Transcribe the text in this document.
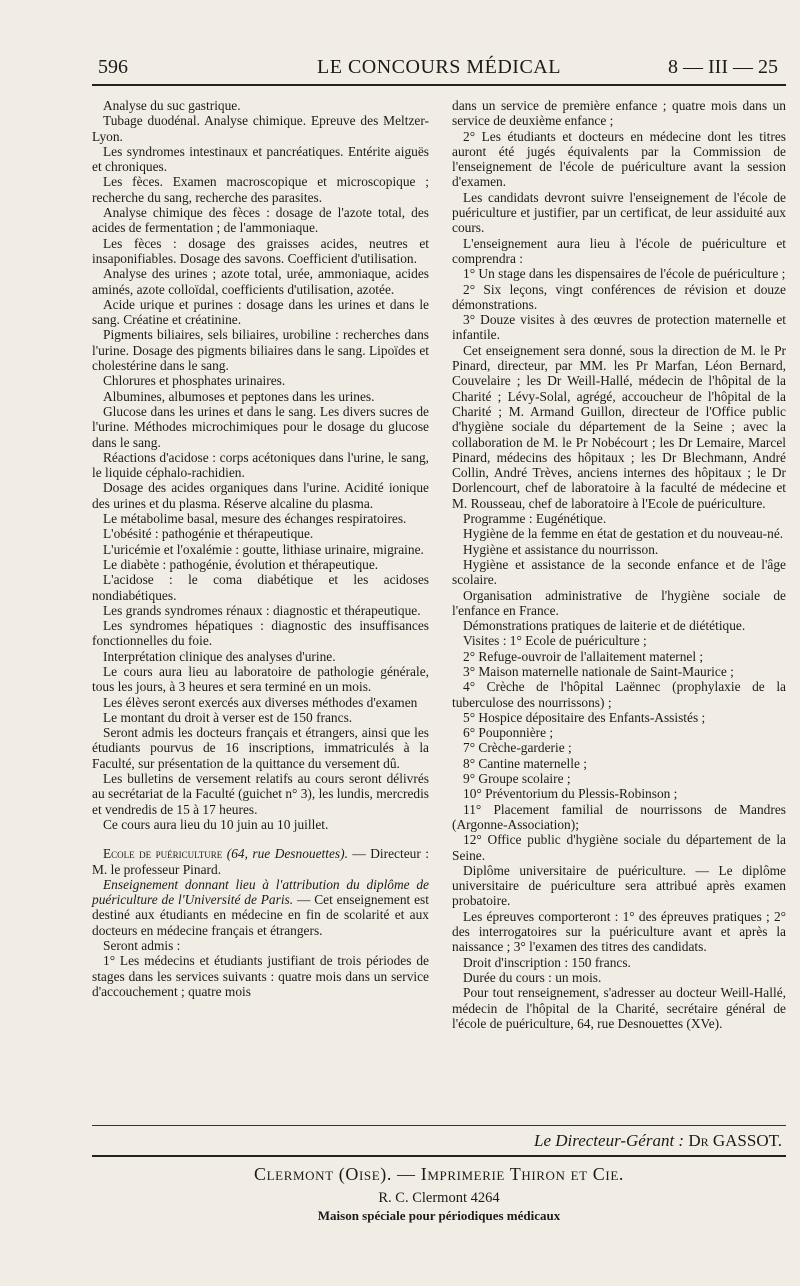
596	LE CONCOURS MÉDICAL	8 — III — 25

Analyse du suc gastrique.

Tubage duodénal. Analyse chimique. Epreuve des Meltzer-Lyon.

Les syndromes intestinaux et pancréatiques. Entérite aiguës et chroniques.

Les fèces. Examen macroscopique et microscopique ; recherche du sang, recherche des parasites.

Analyse chimique des fèces : dosage de l'azote total, des acides de fermentation ; de l'ammoniaque.

Les fèces : dosage des graisses acides, neutres et insaponifiables. Dosage des savons. Coefficient d'utilisation.

Analyse des urines ; azote total, urée, ammoniaque, acides aminés, azote colloïdal, coefficients d'utilisation, azotée.

Acide urique et purines : dosage dans les urines et dans le sang. Créatine et créatinine.

Pigments biliaires, sels biliaires, urobiline : recherches dans l'urine. Dosage des pigments biliaires dans le sang. Lipoïdes et cholestérine dans le sang.

Chlorures et phosphates urinaires.

Albumines, albumoses et peptones dans les urines.

Glucose dans les urines et dans le sang. Les divers sucres de l'urine. Méthodes microchimiques pour le dosage du glucose dans le sang.

Réactions d'acidose : corps acétoniques dans l'urine, le sang, le liquide céphalo-rachidien.

Dosage des acides organiques dans l'urine. Acidité ionique des urines et du plasma. Réserve alcaline du plasma.

Le métabolime basal, mesure des échanges respiratoires.

L'obésité : pathogénie et thérapeutique.

L'uricémie et l'oxalémie : goutte, lithiase urinaire, migraine.

Le diabète : pathogénie, évolution et thérapeutique.

L'acidose : le coma diabétique et les acidoses nondiabétiques.

Les grands syndromes rénaux : diagnostic et thérapeutique.

Les syndromes hépatiques : diagnostic des insuffisances fonctionnelles du foie.

Interprétation clinique des analyses d'urine.

Le cours aura lieu au laboratoire de pathologie générale, tous les jours, à 3 heures et sera terminé en un mois.

Les élèves seront exercés aux diverses méthodes d'examen

Le montant du droit à verser est de 150 francs.

Seront admis les docteurs français et étrangers, ainsi que les étudiants pourvus de 16 inscriptions, immatriculés à la Faculté, sur présentation de la quittance du versement dû.

Les bulletins de versement relatifs au cours seront délivrés au secrétariat de la Faculté (guichet n° 3), les lundis, mercredis et vendredis de 15 à 17 heures.

Ce cours aura lieu du 10 juin au 10 juillet.

Ecole de puériculture (64, rue Desnouettes). — Directeur : M. le professeur Pinard.

Enseignement donnant lieu à l'attribution du diplôme de puériculture de l'Université de Paris. — Cet enseignement est destiné aux étudiants en médecine en fin de scolarité et aux docteurs en médecine français et étrangers.

Seront admis :

1° Les médecins et étudiants justifiant de trois périodes de stages dans les services suivants : quatre mois dans un service d'accouchement ; quatre mois

dans un service de première enfance ; quatre mois dans un service de deuxième enfance ;

2° Les étudiants et docteurs en médecine dont les titres auront été jugés équivalents par la Commission de l'enseignement de l'école de puériculture avant la session d'examen.

Les candidats devront suivre l'enseignement de l'école de puériculture et justifier, par un certificat, de leur assiduité aux cours.

L'enseignement aura lieu à l'école de puériculture et comprendra :

1° Un stage dans les dispensaires de l'école de puériculture ;

2° Six leçons, vingt conférences de révision et douze démonstrations.

3° Douze visites à des œuvres de protection maternelle et infantile.

Cet enseignement sera donné, sous la direction de M. le Pr Pinard, directeur, par MM. les Pr Marfan, Léon Bernard, Couvelaire ; les Dr Weill-Hallé, médecin de l'hôpital de la Charité ; Lévy-Solal, agrégé, accoucheur de l'hôpital de la Charité ; M. Armand Guillon, directeur de l'Office public d'hygiène sociale du département de la Seine ; avec la collaboration de M. le Pr Nobécourt ; les Dr Lemaire, Marcel Pinard, médecins des hôpitaux ; les Dr Blechmann, André Collin, André Trèves, anciens internes des hôpitaux ; le Dr Dorlencourt, chef de laboratoire à la faculté de médecine et M. Rousseau, chef de laboratoire à l'Ecole de puériculture.

Programme : Eugénétique.

Hygiène de la femme en état de gestation et du nouveau-né.

Hygiène et assistance du nourrisson.

Hygiène et assistance de la seconde enfance et de l'âge scolaire.

Organisation administrative de l'hygiène sociale de l'enfance en France.

Démonstrations pratiques de laiterie et de diététique.

Visites : 1° Ecole de puériculture ;

2° Refuge-ouvroir de l'allaitement maternel ;

3° Maison maternelle nationale de Saint-Maurice ;

4° Crèche de l'hôpital Laënnec (prophylaxie de la tuberculose des nourrissons) ;

5° Hospice dépositaire des Enfants-Assistés ;

6° Pouponnière ;

7° Crèche-garderie ;

8° Cantine maternelle ;

9° Groupe scolaire ;

10° Préventorium du Plessis-Robinson ;

11° Placement familial de nourrissons de Mandres (Argonne-Association);

12° Office public d'hygiène sociale du département de la Seine.

Diplôme universitaire de puériculture. — Le diplôme universitaire de puériculture sera attribué après examen probatoire.

Les épreuves comporteront : 1° des épreuves pratiques ; 2° des interrogatoires sur la puériculture avant et après la naissance ; 3° l'examen des titres des candidats.

Droit d'inscription : 150 francs.

Durée du cours : un mois.

Pour tout renseignement, s'adresser au docteur Weill-Hallé, médecin de l'hôpital de la Charité, secrétaire général de l'école de puériculture, 64, rue Desnouettes (XVe).

Le Directeur-Gérant : Dr GASSOT.
Clermont (Oise). — Imprimerie Thiron et Cie.
R. C. Clermont 4264
Maison spéciale pour périodiques médicaux
